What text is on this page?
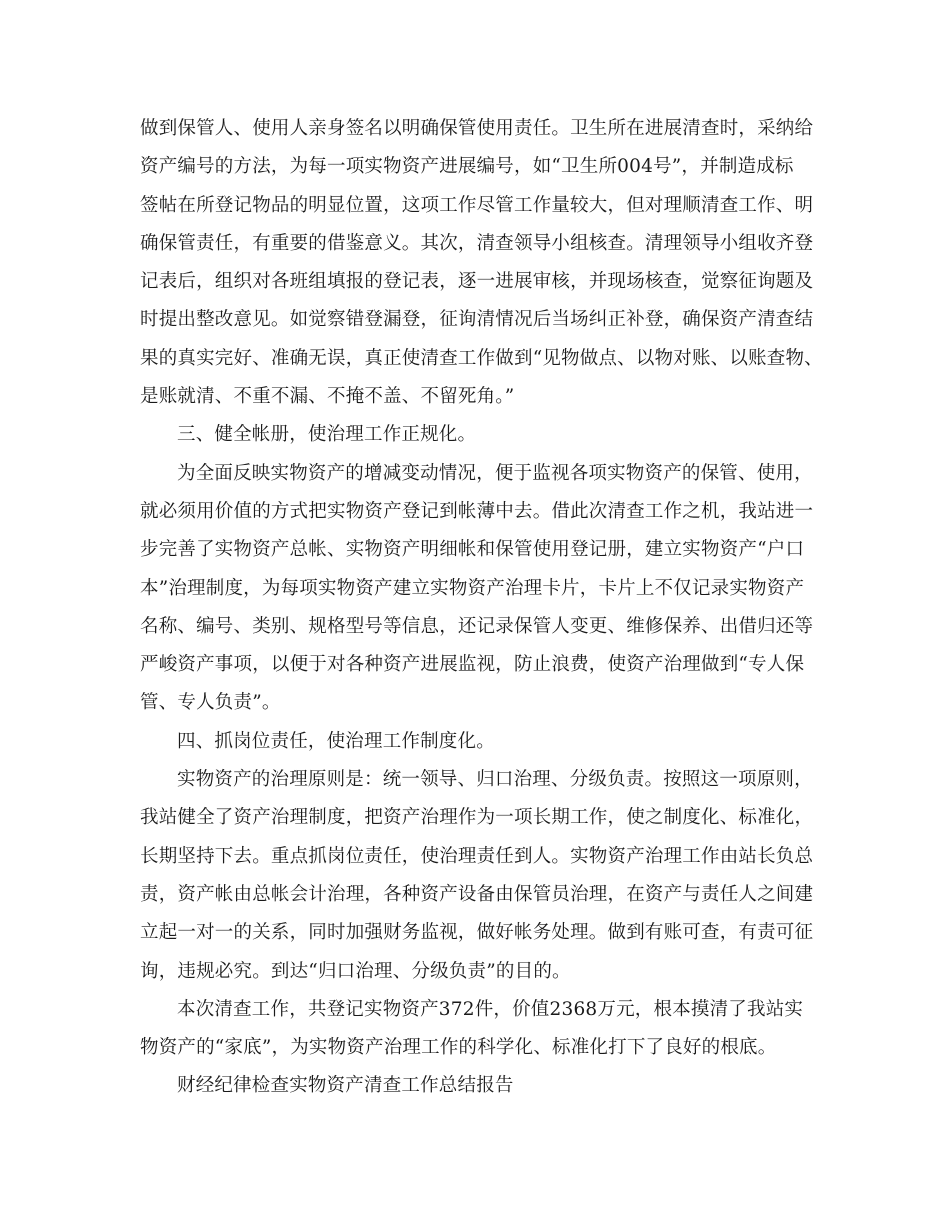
做到保管人、使用人亲身签名以明确保管使用责任。卫生所在进展清查时，采纳给
资产编号的方法，为每一项实物资产进展编号，如“卫生所004号”，并制造成标
签帖在所登记物品的明显位置，这项工作尽管工作量较大，但对理顺清查工作、明
确保管责任，有重要的借鉴意义。其次，清查领导小组核查。清理领导小组收齐登
记表后，组织对各班组填报的登记表，逐一进展审核，并现场核查，觉察征询题及
时提出整改意见。如觉察错登漏登，征询清情况后当场纠正补登，确保资产清查结
果的真实完好、准确无误，真正使清查工作做到“见物做点、以物对账、以账查物、
是账就清、不重不漏、不掩不盖、不留死角。”
三、健全帐册，使治理工作正规化。
为全面反映实物资产的增减变动情况，便于监视各项实物资产的保管、使用，
就必须用价值的方式把实物资产登记到帐薄中去。借此次清查工作之机，我站进一
步完善了实物资产总帐、实物资产明细帐和保管使用登记册，建立实物资产“户口
本”治理制度，为每项实物资产建立实物资产治理卡片，卡片上不仅记录实物资产
名称、编号、类别、规格型号等信息，还记录保管人变更、维修保养、出借归还等
严峻资产事项，以便于对各种资产进展监视，防止浪费，使资产治理做到“专人保
管、专人负责”。
四、抓岗位责任，使治理工作制度化。
实物资产的治理原则是：统一领导、归口治理、分级负责。按照这一项原则，
我站健全了资产治理制度，把资产治理作为一项长期工作，使之制度化、标准化，
长期坚持下去。重点抓岗位责任，使治理责任到人。实物资产治理工作由站长负总
责，资产帐由总帐会计治理，各种资产设备由保管员治理，在资产与责任人之间建
立起一对一的关系，同时加强财务监视，做好帐务处理。做到有账可查，有责可征
询，违规必究。到达“归口治理、分级负责”的目的。
本次清查工作，共登记实物资产372件，价值2368万元，根本摸清了我站实
物资产的“家底”，为实物资产治理工作的科学化、标准化打下了良好的根底。
财经纪律检查实物资产清查工作总结报告
